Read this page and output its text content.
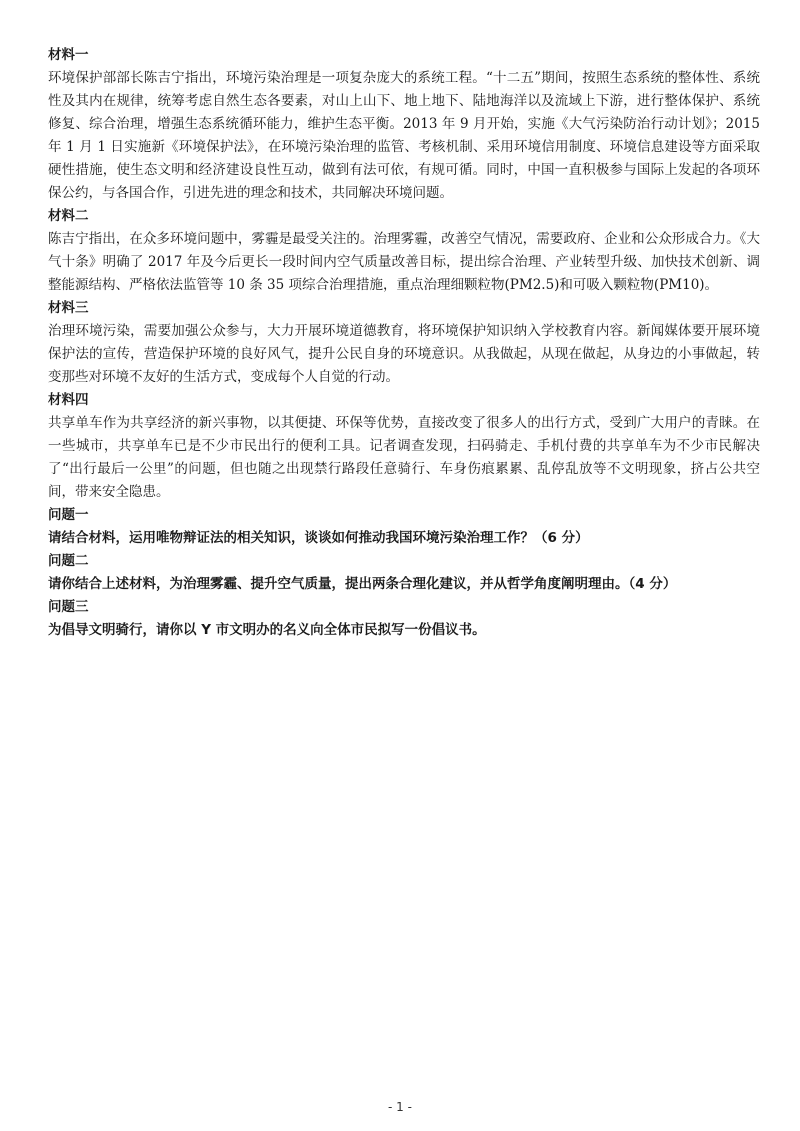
材料一

环境保护部部长陈吉宁指出，环境污染治理是一项复杂庞大的系统工程。“十二五”期间，按照生态系统的整体性、系统性及其内在规律，统筹考虑自然生态各要素，对山上山下、地上地下、陆地海洋以及流域上下游，进行整体保护、系统修复、综合治理，增强生态系统循环能力，维护生态平衡。2013 年 9 月开始，实施《大气污染防治行动计划》；2015 年 1 月 1 日实施新《环境保护法》，在环境污染治理的监管、考核机制、采用环境信用制度、环境信息建设等方面采取硬性措施，使生态文明和经济建设良性互动，做到有法可依，有规可循。同时，中国一直积极参与国际上发起的各项环保公约，与各国合作，引进先进的理念和技术，共同解决环境问题。

材料二

陈吉宁指出，在众多环境问题中，雾霾是最受关注的。治理雾霾，改善空气情况，需要政府、企业和公众形成合力。《大气十条》明确了 2017 年及今后更长一段时间内空气质量改善目标，提出综合治理、产业转型升级、加快技术创新、调整能源结构、严格依法监管等 10 条 35 项综合治理措施，重点治理细颗粒物(PM2.5)和可吸入颗粒物(PM10)。

材料三

治理环境污染，需要加强公众参与，大力开展环境道德教育，将环境保护知识纳入学校教育内容。新闻媒体要开展环境保护法的宣传，营造保护环境的良好风气，提升公民自身的环境意识。从我做起，从现在做起，从身边的小事做起，转变那些对环境不友好的生活方式，变成每个人自觉的行动。

材料四

共享单车作为共享经济的新兴事物，以其便捷、环保等优势，直接改变了很多人的出行方式，受到广大用户的青睐。在一些城市，共享单车已是不少市民出行的便利工具。记者调查发现，扫码骑走、手机付费的共享单车为不少市民解决了“出行最后一公里”的问题，但也随之出现禁行路段任意骑行、车身伤痕累累、乱停乱放等不文明现象，挤占公共空间，带来安全隐患。

问题一

请结合材料，运用唯物辩证法的相关知识，谈谈如何推动我国环境污染治理工作？（6 分）

问题二

请你结合上述材料，为治理雾霾、提升空气质量，提出两条合理化建议，并从哲学角度阐明理由。（4 分）

问题三

为倡导文明骑行，请你以 Y 市文明办的名义向全体市民拟写一份倡议书。

- 1 -
